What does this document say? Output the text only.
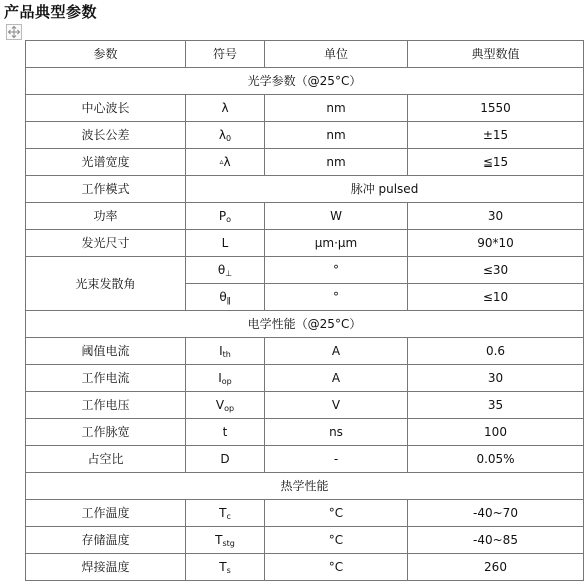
产品典型参数
参数	符号	单位	典型数值
光学参数（@25°C）			
中心波长	λ	nm	1550
波长公差	$\lambda_0$	nm	±15
光谱宽度	▵λ	nm	≦15
工作模式	脉冲 pulsed		
功率	$P_o$	W	30
发光尺寸	L	μm·μm	90*10
光束发散角	$\theta_\perp$	°	≤30
	$\theta_ǁ$	°	≤10
电学性能（@25°C）			
阈值电流	$I_{th}$	A	0.6
工作电流	$I_{op}$	A	30
工作电压	$V_{op}$	V	35
工作脉宽	t	ns	100
占空比	D	-	0.05%
热学性能			
工作温度	$T_c$	°C	-40~70
存储温度	$T_{stg}$	°C	-40~85
焊接温度	$T_s$	°C	260
